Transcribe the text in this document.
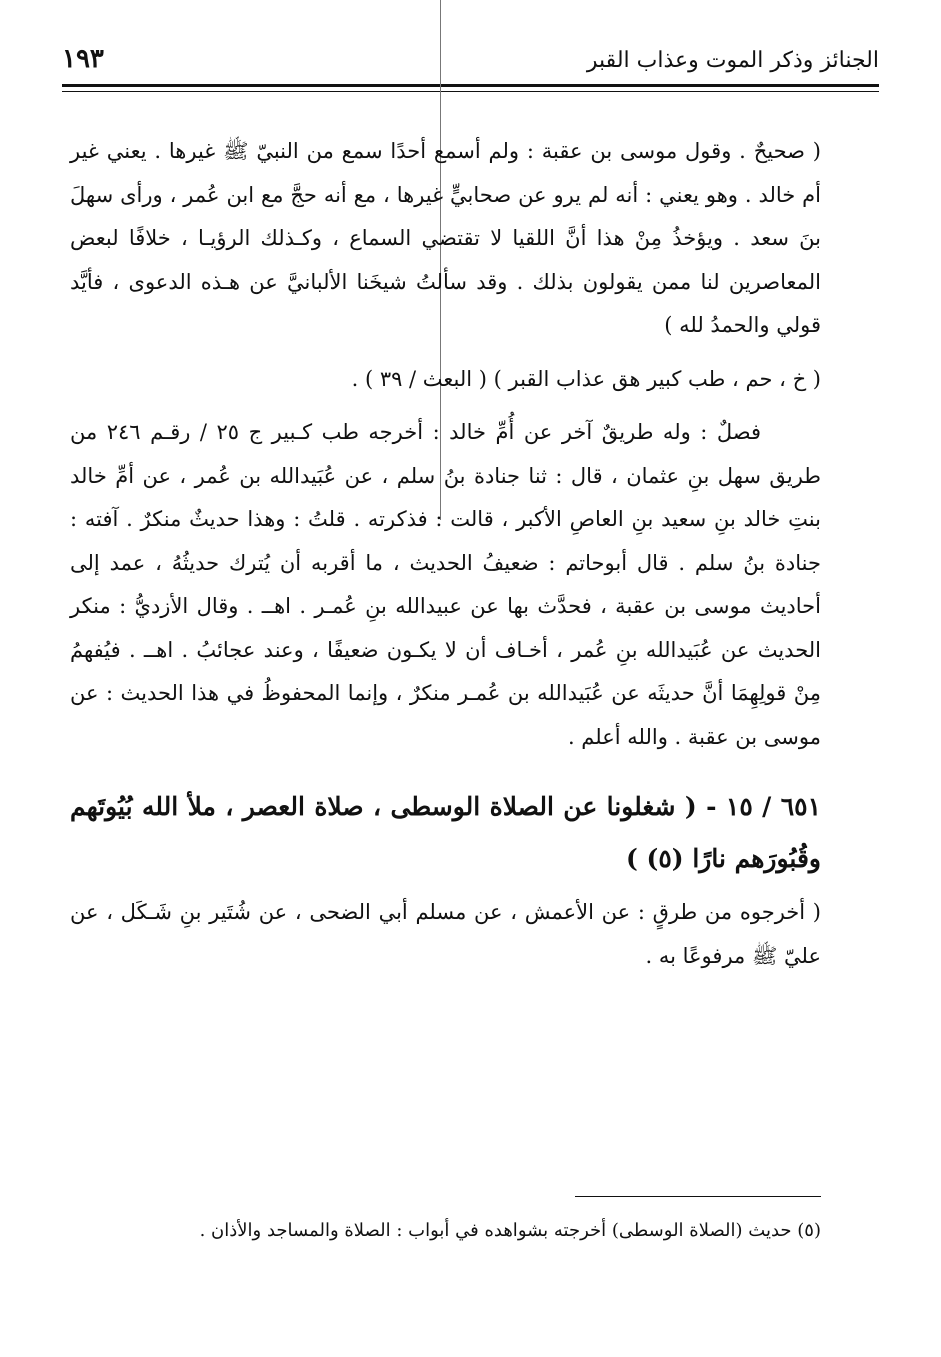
الجنائز وذكر الموت وعذاب القبر
١٩٣

( صحيحٌ . وقول موسى بن عقبة : ولم أسمع أحدًا سمع من النبيّ ﷺ غيرها . يعني غير أم خالد . وهو يعني : أنه لم يرو عن صحابيٍّ غيرها ، مع أنه حجَّ مع ابن عُمر ، ورأى سهلَ بنَ سعد . ويؤخذُ مِنْ هذا أنَّ اللقيا لا تقتضي السماع ، وكـذلك الرؤيـا ، خلافًا لبعض المعاصرين لنا ممن يقولون بذلك . وقد سألتُ شيخَنا الألبانيَّ عن هـذه الدعوى ، فأيَّد قولي والحمدُ لله )

( خ ، حم ، طب كبير هق عذاب القبر ) ( البعث / ٣٩ ) .

فصلٌ : وله طريقٌ آخر عن أُمِّ خالد : أخرجه طب كـبير ج ٢٥ / رقـم ٢٤٦ من طريق سهل بنِ عثمان ، قال : ثنا جنادة بنُ سلم ، عن عُبَيدالله بن عُمر ، عن أمِّ خالد بنتِ خالد بنِ سعيد بنِ العاصِ الأكبر ، قالت : فذكرته . قلتُ : وهذا حديثٌ منكرٌ . آفته : جنادة بنُ سلم . قال أبوحاتم : ضعيفُ الحديث ، ما أقربه أن يُترك حديثُهُ ، عمد إلى أحاديث موسى بن عقبة ، فحدَّث بها عن عبيدالله بنِ عُمـر . اهــ . وقال الأزديُّ : منكر الحديث عن عُبَيدالله بنِ عُمر ، أخـاف أن لا يكـون ضعيفًا ، وعند عجائبُ . اهــ . فيُفهمُ مِنْ قولِهِمَا أنَّ حديثَه عن عُبَيدالله بن عُمـر منكرٌ ، وإنما المحفوظُ في هذا الحديث : عن موسى بن عقبة . والله أعلم .

٦٥١ / ١٥ - ( شغلونا عن الصلاة الوسطى ، صلاة العصر ، ملأ الله بُيُوتَهم وقُبُورَهم نارًا (٥) )

( أخرجوه من طرقٍ : عن الأعمش ، عن مسلم أبي الضحى ، عن شُتَير بنِ شَـكَل ، عن عليّ ﷺ مرفوعًا به .

(٥) حديث (الصلاة الوسطى) أخرجته بشواهده في أبواب : الصلاة والمساجد والأذان .
